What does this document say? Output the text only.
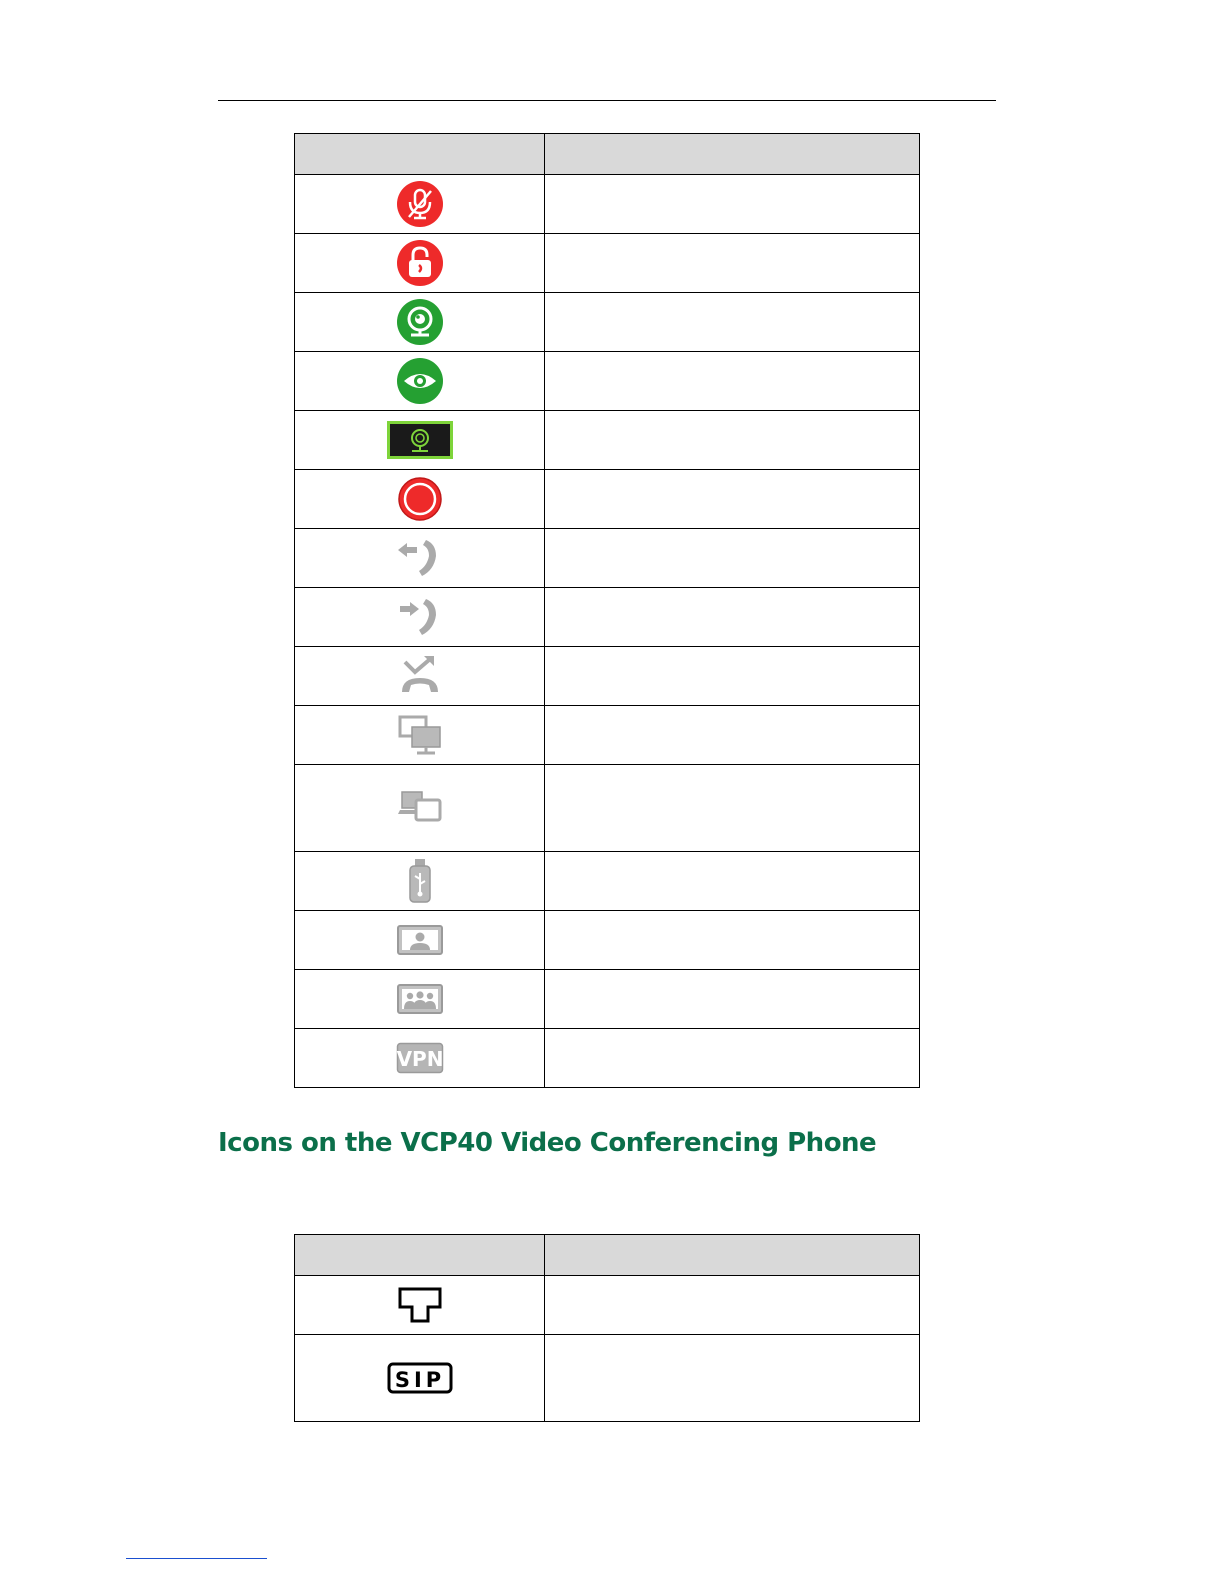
VPN	

Icons on the VCP40 Video Conferencing Phone

SIP	
